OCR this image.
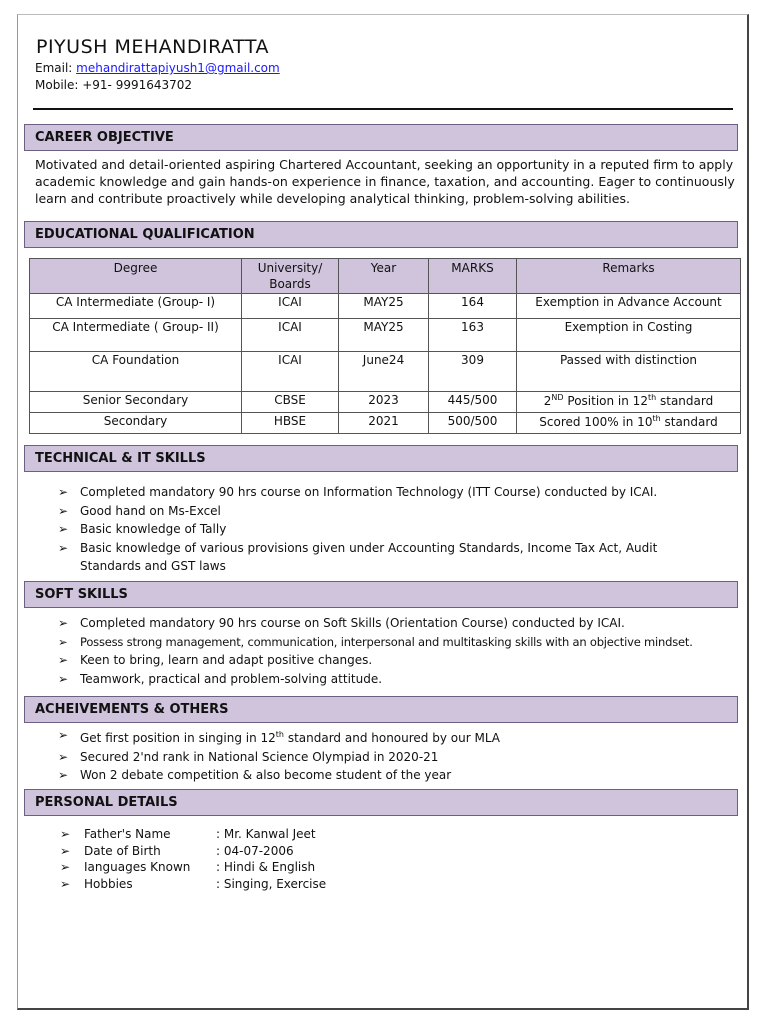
PIYUSH MEHANDIRATTA
Email: mehandirattapiyush1@gmail.com
Mobile: +91- 9991643702
CAREER OBJECTIVE
Motivated and detail-oriented aspiring Chartered Accountant, seeking an opportunity in a reputed firm to apply academic knowledge and gain hands-on experience in finance, taxation, and accounting. Eager to continuously learn and contribute proactively while developing analytical thinking, problem-solving abilities.
EDUCATIONAL QUALIFICATION
Degree	University/ Boards	Year	MARKS	Remarks
CA Intermediate (Group- I)	ICAI	MAY25	164	Exemption in Advance Account
CA Intermediate ( Group- II)	ICAI	MAY25	163	Exemption in Costing
CA Foundation	ICAI	June24	309	Passed with distinction
Senior Secondary	CBSE	2023	445/500	2ND Position in 12th standard
Secondary	HBSE	2021	500/500	Scored 100% in 10th standard
TECHNICAL & IT SKILLS
➢ Completed mandatory 90 hrs course on Information Technology (ITT Course) conducted by ICAI.
➢ Good hand on Ms-Excel
➢ Basic knowledge of Tally
➢ Basic knowledge of various provisions given under Accounting Standards, Income Tax Act, Audit Standards and GST laws
SOFT SKILLS
➢ Completed mandatory 90 hrs course on Soft Skills (Orientation Course) conducted by ICAI.
➢ Possess strong management, communication, interpersonal and multitasking skills with an objective mindset.
➢ Keen to bring, learn and adapt positive changes.
➢ Teamwork, practical and problem-solving attitude.
ACHEIVEMENTS & OTHERS
➢ Get first position in singing in 12th standard and honoured by our MLA
➢ Secured 2'nd rank in National Science Olympiad in 2020-21
➢ Won 2 debate competition & also become student of the year
PERSONAL DETAILS
➢	Father's Name	: Mr. Kanwal Jeet
➢	Date of Birth	: 04-07-2006
➢	Ianguages Known	: Hindi & English
➢	Hobbies	: Singing, Exercise
